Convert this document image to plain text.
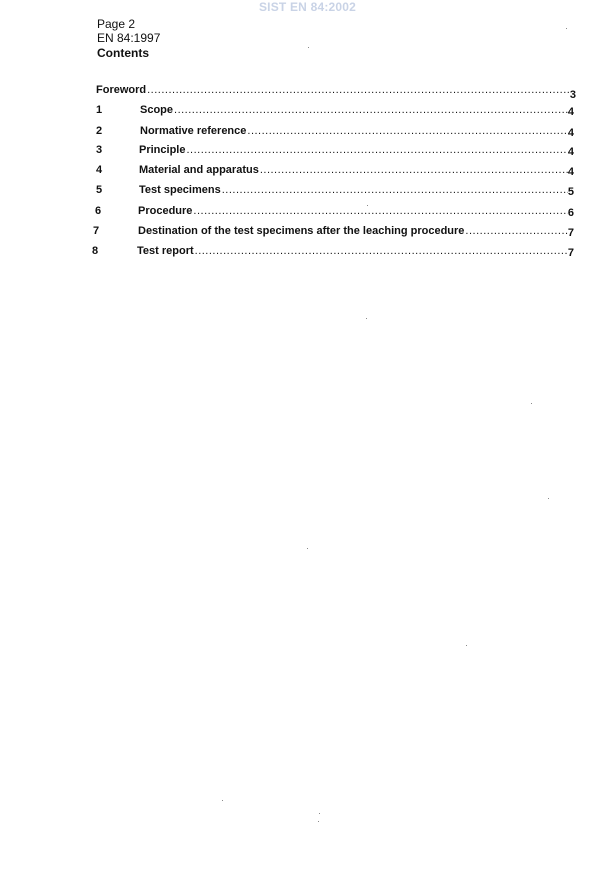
SIST EN 84:2002
Page 2
EN 84:1997
Contents
Foreword .....	3
1	Scope .....	4
2	Normative reference .....	4
3	Principle .....	4
4	Material and apparatus .....	4
5	Test specimens .....	5
6	Procedure .....	6
7	Destination of the test specimens after the leaching procedure .....	7
8	Test report .....	7
